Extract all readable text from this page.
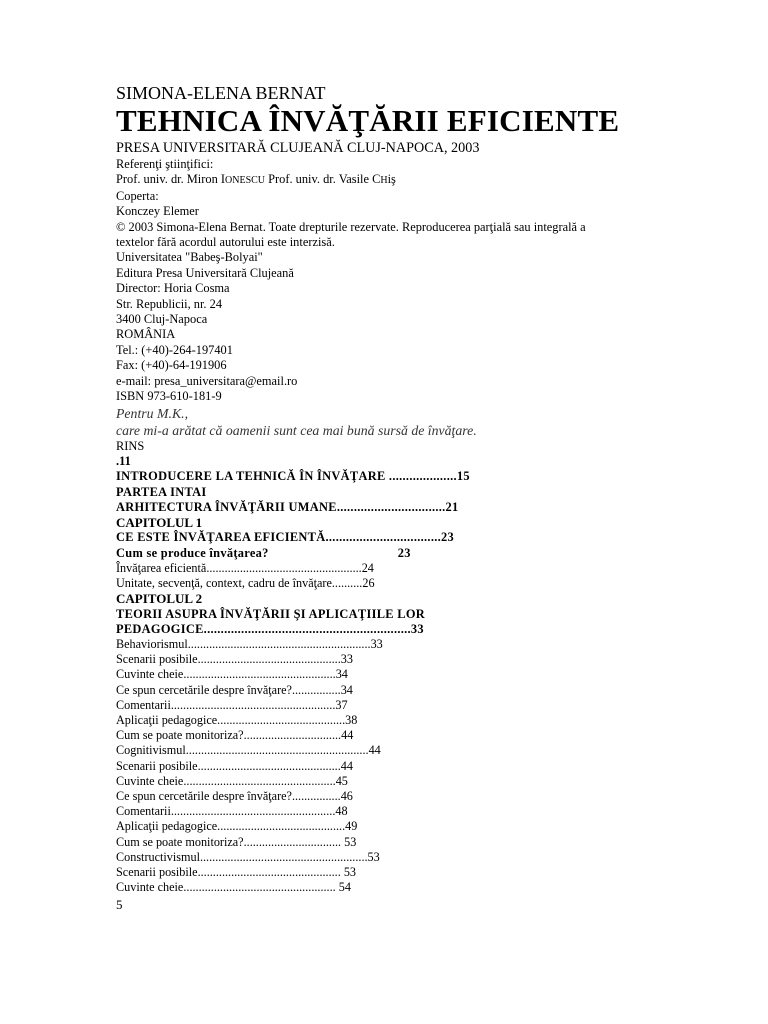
SIMONA-ELENA BERNAT
TEHNICA ÎNVĂŢĂRII EFICIENTE
PRESA UNIVERSITARĂ CLUJEANĂ CLUJ-NAPOCA, 2003
Referenţi ştiinţifici:
Prof. univ. dr. Miron IONESCU Prof. univ. dr. Vasile CHiş
Coperta:
Konczey Elemer
© 2003 Simona-Elena Bernat. Toate drepturile rezervate. Reproducerea parţială sau integrală a
textelor fără acordul autorului este interzisă.
Universitatea "Babeş-Bolyai"
Editura Presa Universitară Clujeană
Director: Horia Cosma
Str. Republicii, nr. 24
3400 Cluj-Napoca
ROMÂNIA
Tel.: (+40)-264-197401
Fax: (+40)-64-191906
e-mail: presa_universitara@email.ro
ISBN 973-610-181-9
Pentru M.K.,
care mi-a arătat că oamenii sunt cea mai bună sursă de învăţare.
RINS
.11
INTRODUCERE LA TEHNICĂ ÎN ÎNVĂŢARE ....................15
PARTEA INTAI
ARHITECTURA ÎNVĂŢĂRII UMANE................................21
CAPITOLUL 1
CE ESTE ÎNVĂŢAREA EFICIENTĂ..................................23
Cum se produce învăţarea?                                      23
Învăţarea eficientă...................................................24
Unitate, secvenţă, context, cadru de învăţare..........26
CAPITOLUL 2
TEORII ASUPRA ÎNVĂŢĂRII ŞI APLICAŢIILE LOR
PEDAGOGICE.............................................................33
Behaviorismul............................................................33
Scenarii posibile...............................................33
Cuvinte cheie..................................................34
Ce spun cercetările despre învăţare?................34
Comentarii......................................................37
Aplicaţii pedagogice..........................................38
Cum se poate monitoriza?................................44
Cognitivismul............................................................44
Scenarii posibile...............................................44
Cuvinte cheie..................................................45
Ce spun cercetările despre învăţare?................46
Comentarii......................................................48
Aplicaţii pedagogice..........................................49
Cum se poate monitoriza?................................ 53
Constructivismul.......................................................53
Scenarii posibile............................................... 53
Cuvinte cheie.................................................. 54
5
